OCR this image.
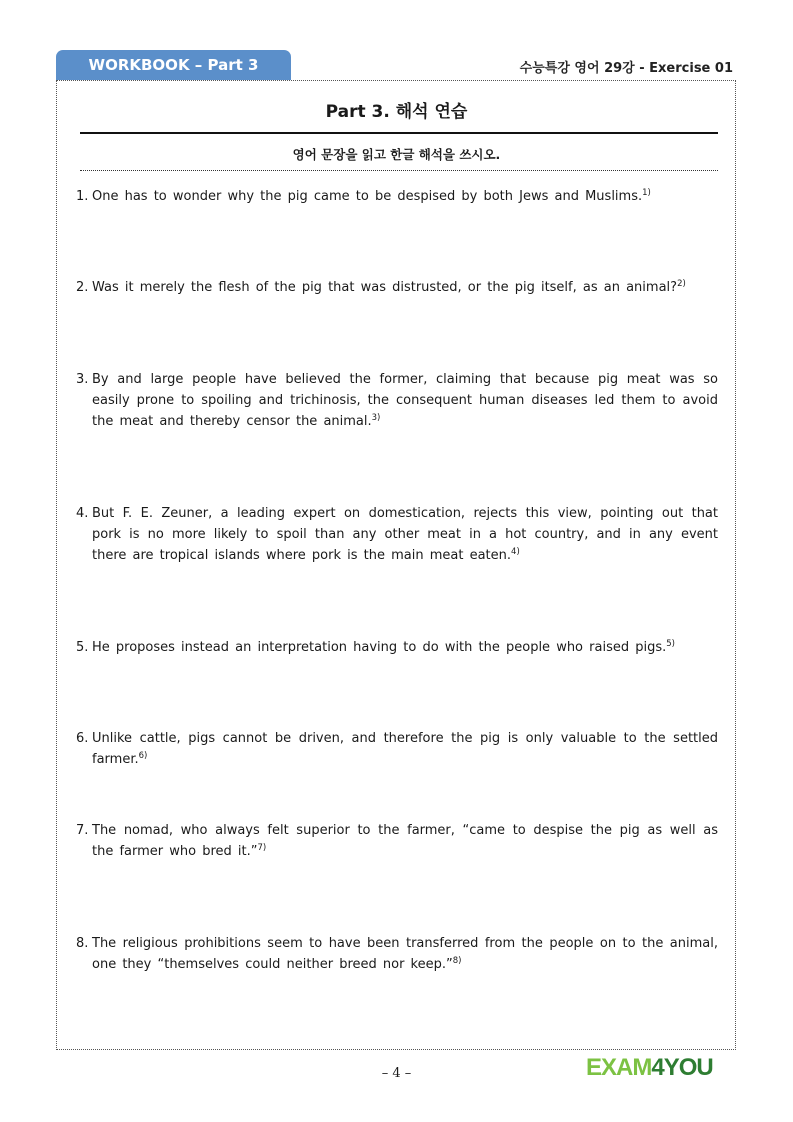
WORKBOOK – Part 3	수능특강 영어 29강 - Exercise 01
Part 3. 해석 연습
영어 문장을 읽고 한글 해석을 쓰시오.
1. One has to wonder why the pig came to be despised by both Jews and Muslims.$^{1)}$
2. Was it merely the flesh of the pig that was distrusted, or the pig itself, as an animal?$^{2)}$
3. By and large people have believed the former, claiming that because pig meat was so easily prone to spoiling and trichinosis, the consequent human diseases led them to avoid the meat and thereby censor the animal.$^{3)}$
4. But F. E. Zeuner, a leading expert on domestication, rejects this view, pointing out that pork is no more likely to spoil than any other meat in a hot country, and in any event there are tropical islands where pork is the main meat eaten.$^{4)}$
5. He proposes instead an interpretation having to do with the people who raised pigs.$^{5)}$
6. Unlike cattle, pigs cannot be driven, and therefore the pig is only valuable to the settled farmer.$^{6)}$
7. The nomad, who always felt superior to the farmer, “came to despise the pig as well as the farmer who bred it.”$^{7)}$
8. The religious prohibitions seem to have been transferred from the people on to the animal, one they “themselves could neither breed nor keep.”$^{8)}$
– 4 –	EXAM4YOU
